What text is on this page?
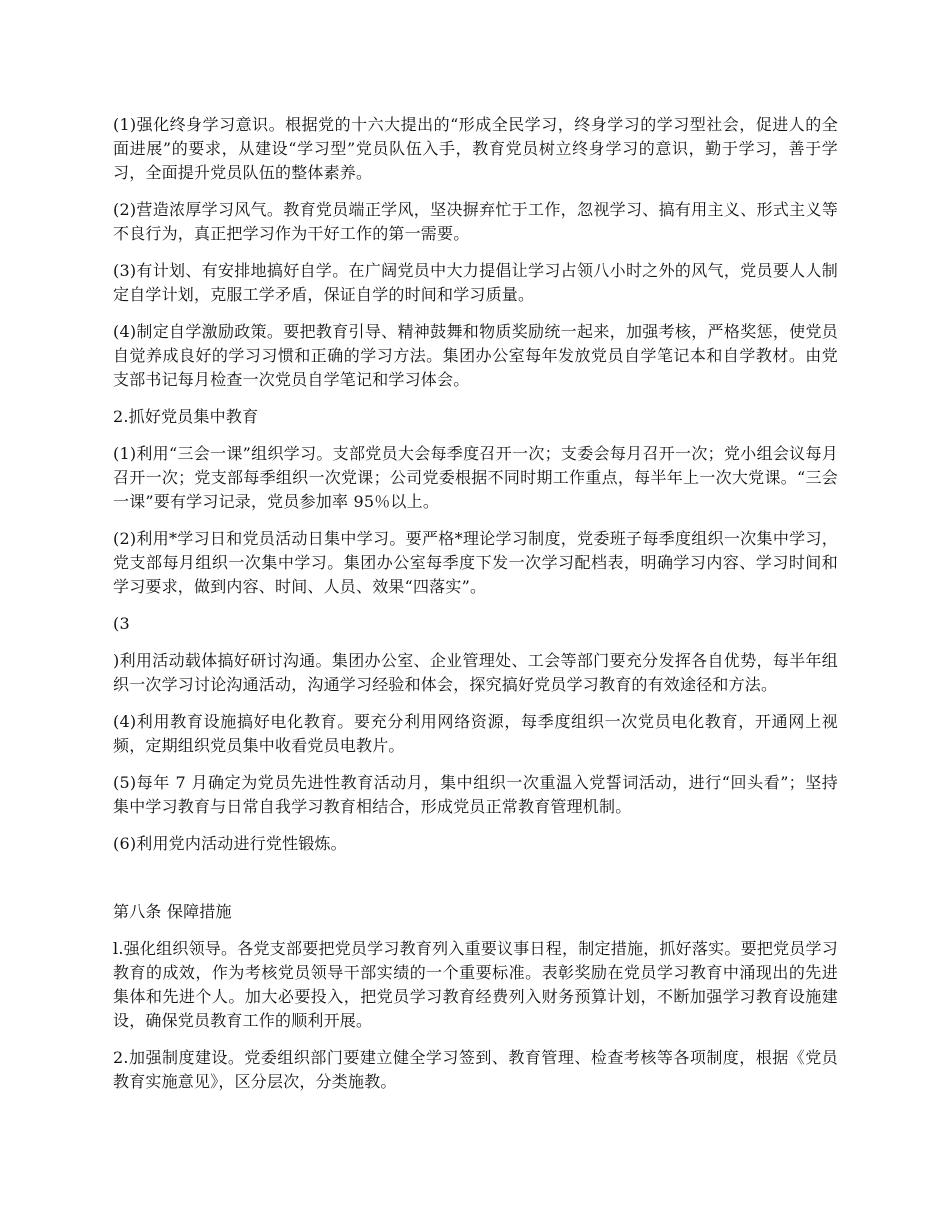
(1)强化终身学习意识。根据党的十六大提出的“形成全民学习，终身学习的学习型社会，促进人的全面进展”的要求，从建设“学习型”党员队伍入手，教育党员树立终身学习的意识，勤于学习，善于学习，全面提升党员队伍的整体素养。

(2)营造浓厚学习风气。教育党员端正学风，坚决摒弃忙于工作，忽视学习、搞有用主义、形式主义等不良行为，真正把学习作为干好工作的第一需要。

(3)有计划、有安排地搞好自学。在广阔党员中大力提倡让学习占领八小时之外的风气，党员要人人制定自学计划，克服工学矛盾，保证自学的时间和学习质量。

(4)制定自学激励政策。要把教育引导、精神鼓舞和物质奖励统一起来，加强考核，严格奖惩，使党员自觉养成良好的学习习惯和正确的学习方法。集团办公室每年发放党员自学笔记本和自学教材。由党支部书记每月检查一次党员自学笔记和学习体会。

2.抓好党员集中教育

(1)利用“三会一课”组织学习。支部党员大会每季度召开一次；支委会每月召开一次；党小组会议每月召开一次；党支部每季组织一次党课；公司党委根据不同时期工作重点，每半年上一次大党课。“三会一课”要有学习记录，党员参加率 95％以上。

(2)利用*学习日和党员活动日集中学习。要严格*理论学习制度，党委班子每季度组织一次集中学习，党支部每月组织一次集中学习。集团办公室每季度下发一次学习配档表，明确学习内容、学习时间和学习要求，做到内容、时间、人员、效果“四落实”。

(3

)利用活动载体搞好研讨沟通。集团办公室、企业管理处、工会等部门要充分发挥各自优势，每半年组织一次学习讨论沟通活动，沟通学习经验和体会，探究搞好党员学习教育的有效途径和方法。

(4)利用教育设施搞好电化教育。要充分利用网络资源，每季度组织一次党员电化教育，开通网上视频，定期组织党员集中收看党员电教片。

(5)每年 7 月确定为党员先进性教育活动月，集中组织一次重温入党誓词活动，进行“回头看”；坚持集中学习教育与日常自我学习教育相结合，形成党员正常教育管理机制。

(6)利用党内活动进行党性锻炼。

第八条 保障措施

l.强化组织领导。各党支部要把党员学习教育列入重要议事日程，制定措施，抓好落实。要把党员学习教育的成效，作为考核党员领导干部实绩的一个重要标准。表彰奖励在党员学习教育中涌现出的先进集体和先进个人。加大必要投入，把党员学习教育经费列入财务预算计划，不断加强学习教育设施建设，确保党员教育工作的顺利开展。

2.加强制度建设。党委组织部门要建立健全学习签到、教育管理、检查考核等各项制度，根据《党员教育实施意见》，区分层次，分类施教。
